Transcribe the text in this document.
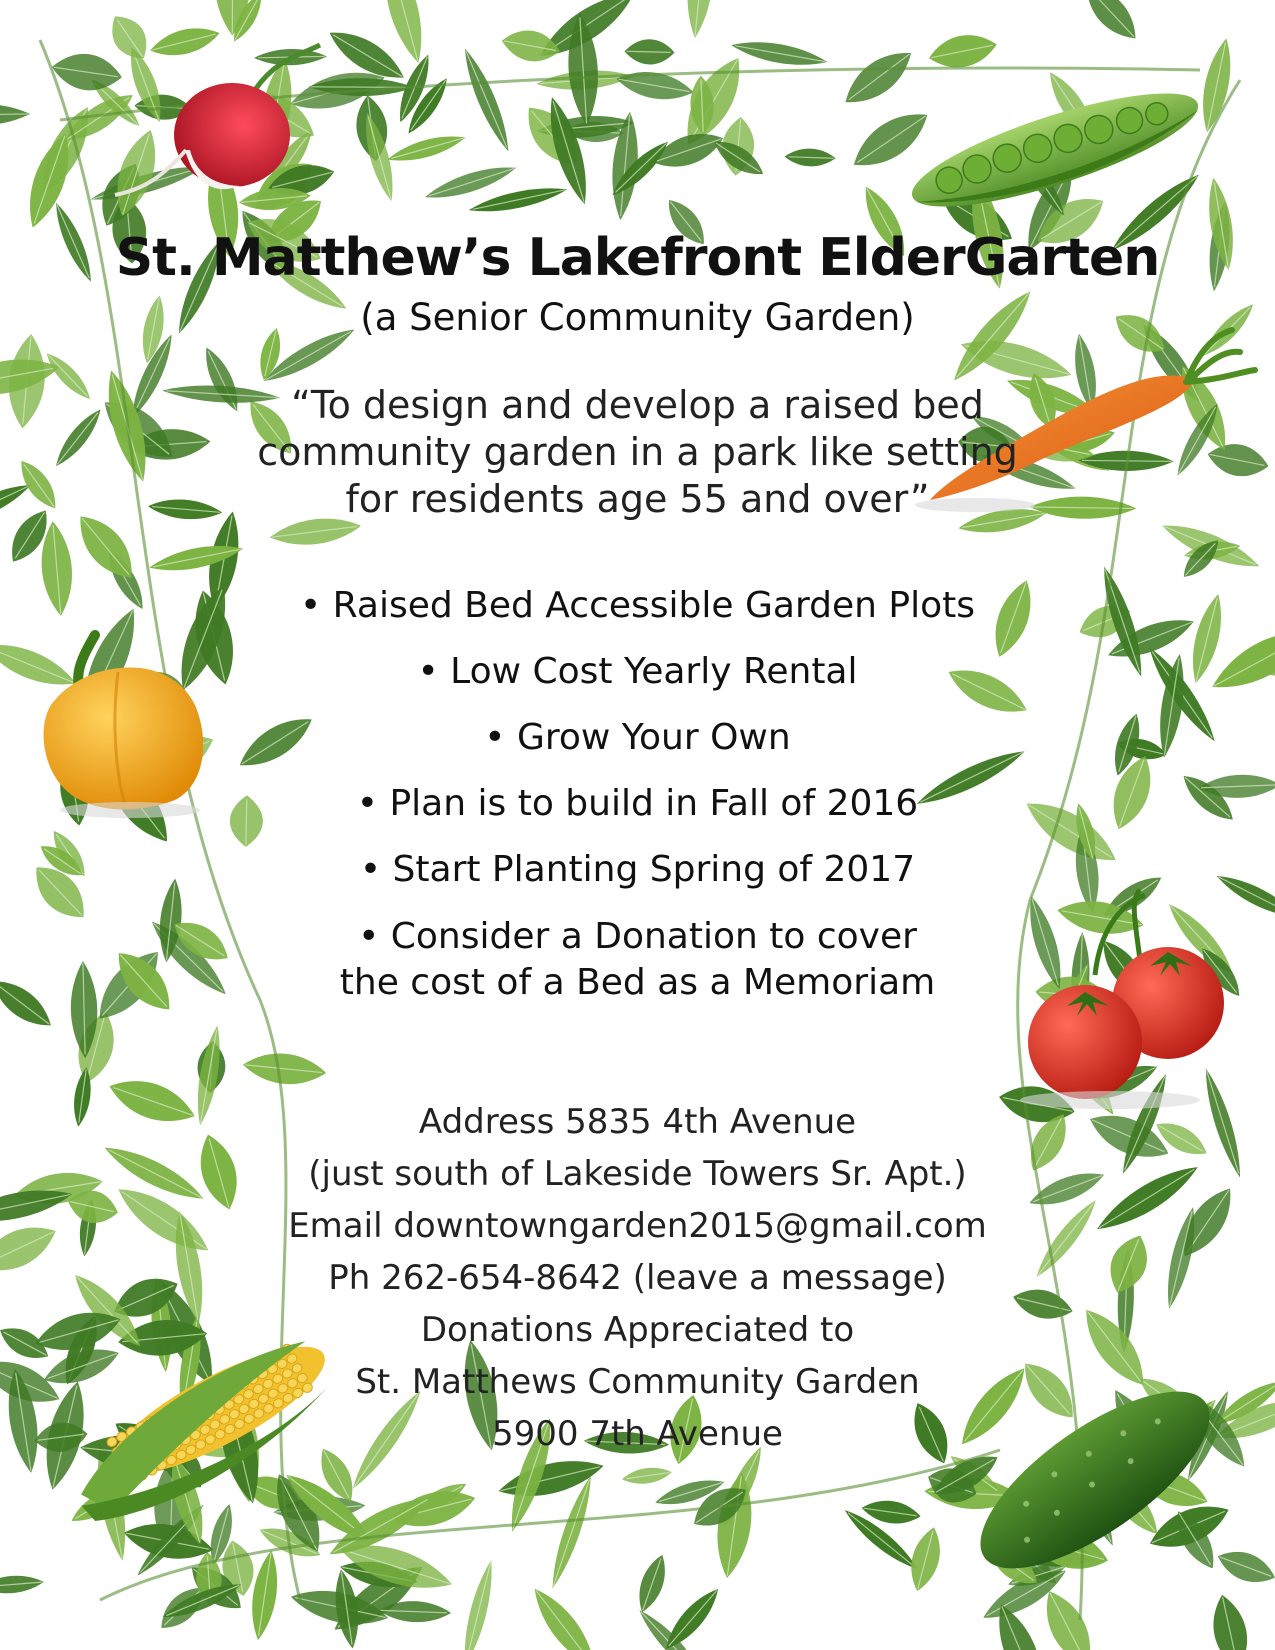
St. Matthew’s Lakefront ElderGarten
(a Senior Community Garden)
“To design and develop a raised bed
community garden in a park like setting
for residents age 55 and over”
• Raised Bed Accessible Garden Plots
• Low Cost Yearly Rental
• Grow Your Own
• Plan is to build in Fall of 2016
• Start Planting Spring of 2017
• Consider a Donation to cover
the cost of a Bed as a Memoriam
Address 5835 4th Avenue
(just south of Lakeside Towers Sr. Apt.)
Email downtowngarden2015@gmail.com
Ph 262-654-8642 (leave a message)
Donations Appreciated to
St. Matthews Community Garden
5900 7th Avenue
